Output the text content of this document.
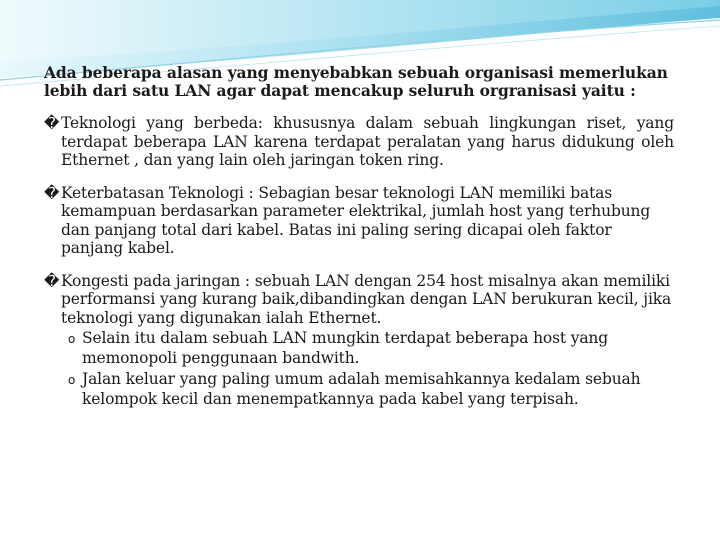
Ada beberapa alasan yang menyebabkan sebuah organisasi memerlukan lebih dari satu LAN agar dapat mencakup seluruh orgranisasi yaitu :

� Teknologi yang berbeda: khususnya dalam sebuah lingkungan riset, yang terdapat beberapa LAN karena terdapat peralatan yang harus didukung oleh Ethernet , dan yang lain oleh jaringan token ring.

� Keterbatasan Teknologi : Sebagian besar teknologi LAN memiliki batas kemampuan berdasarkan parameter elektrikal, jumlah host yang terhubung dan panjang total dari kabel. Batas ini paling sering dicapai oleh faktor panjang kabel.

� Kongesti pada jaringan : sebuah LAN dengan 254 host misalnya akan memiliki performansi yang kurang baik,dibandingkan dengan LAN berukuran kecil, jika teknologi yang digunakan ialah Ethernet.

o Selain itu dalam sebuah LAN mungkin terdapat beberapa host yang memonopoli penggunaan bandwith.

o Jalan keluar yang paling umum adalah memisahkannya kedalam sebuah kelompok kecil dan menempatkannya pada kabel yang terpisah.
